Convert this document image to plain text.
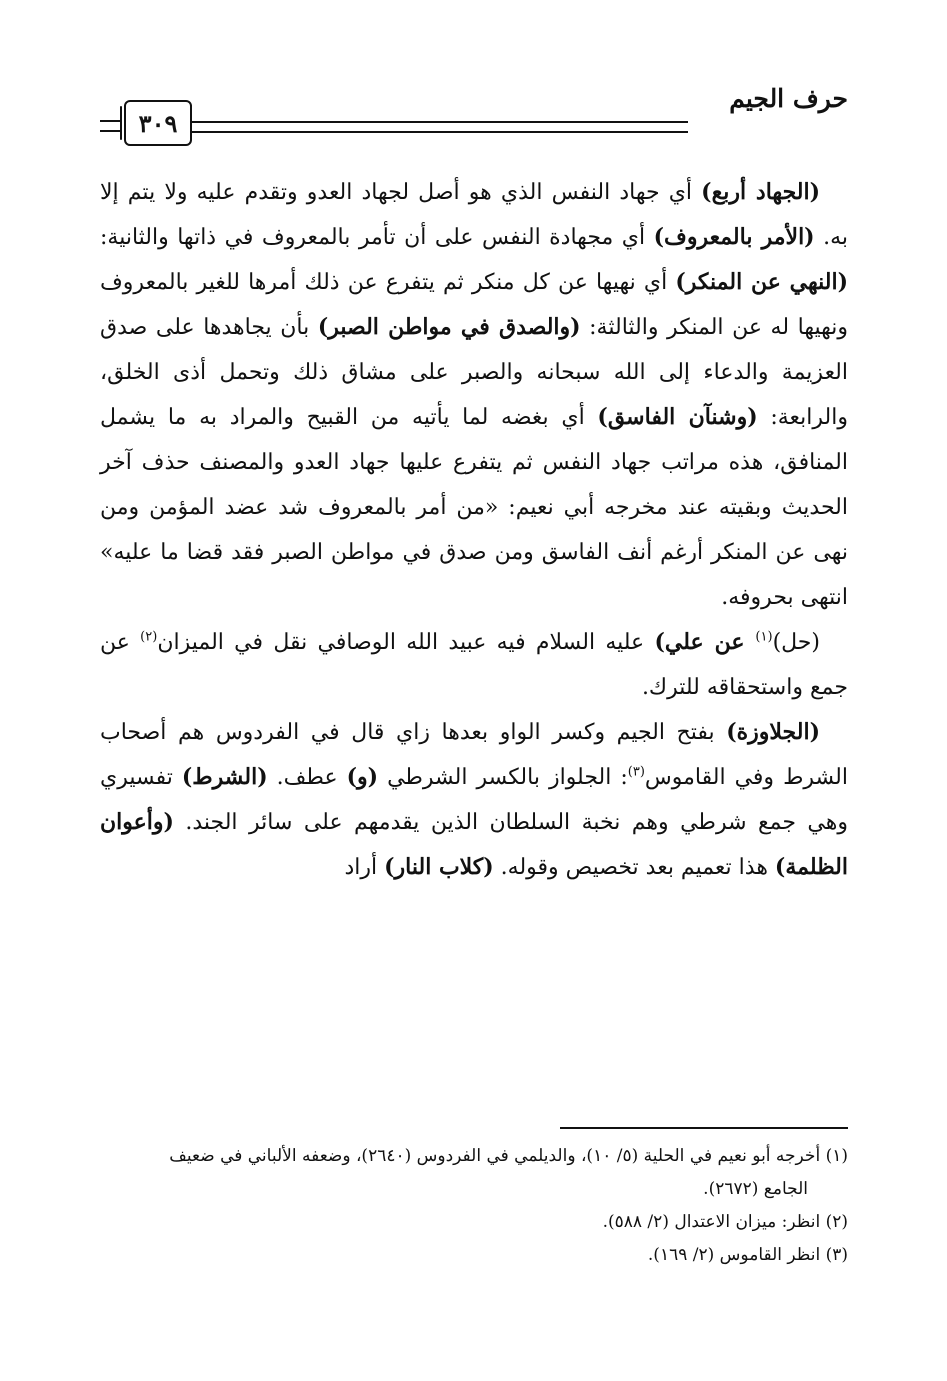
حرف الجيم
٣٠٩

(الجهاد أربع) أي جهاد النفس الذي هو أصل لجهاد العدو وتقدم عليه ولا يتم إلا به. (الأمر بالمعروف) أي مجهادة النفس على أن تأمر بالمعروف في ذاتها والثانية: (النهي عن المنكر) أي نهيها عن كل منكر ثم يتفرع عن ذلك أمرها للغير بالمعروف ونهيها له عن المنكر والثالثة: (والصدق في مواطن الصبر) بأن يجاهدها على صدق العزيمة والدعاء إلى الله سبحانه والصبر على مشاق ذلك وتحمل أذى الخلق، والرابعة: (وشنآن الفاسق) أي بغضه لما يأتيه من القبيح والمراد به ما يشمل المنافق، هذه مراتب جهاد النفس ثم يتفرع عليها جهاد العدو والمصنف حذف آخر الحديث وبقيته عند مخرجه أبي نعيم: «من أمر بالمعروف شد عضد المؤمن ومن نهى عن المنكر أرغم أنف الفاسق ومن صدق في مواطن الصبر فقد قضا ما عليه» انتهى بحروفه.

(حل)$^{(١)}$ عن علي) عليه السلام فيه عبيد الله الوصافي نقل في الميزان$^{(٢)}$ عن جمع واستحقاقه للترك.

(الجلاوزة) بفتح الجيم وكسر الواو بعدها زاي قال في الفردوس هم أصحاب الشرط وفي القاموس$^{(٣)}$: الجلواز بالكسر الشرطي (و) عطف. (الشرط) تفسيري وهي جمع شرطي وهم نخبة السلطان الذين يقدمهم على سائر الجند. (وأعوان الظلمة) هذا تعميم بعد تخصيص وقوله. (كلاب النار) أراد

(١) أخرجه أبو نعيم في الحلية (٥/ ١٠)، والديلمي في الفردوس (٢٦٤٠)، وضعفه الألباني في ضعيف

الجامع (٢٦٧٢).

(٢) انظر: ميزان الاعتدال (٢/ ٥٨٨).

(٣) انظر القاموس (٢/ ١٦٩).
